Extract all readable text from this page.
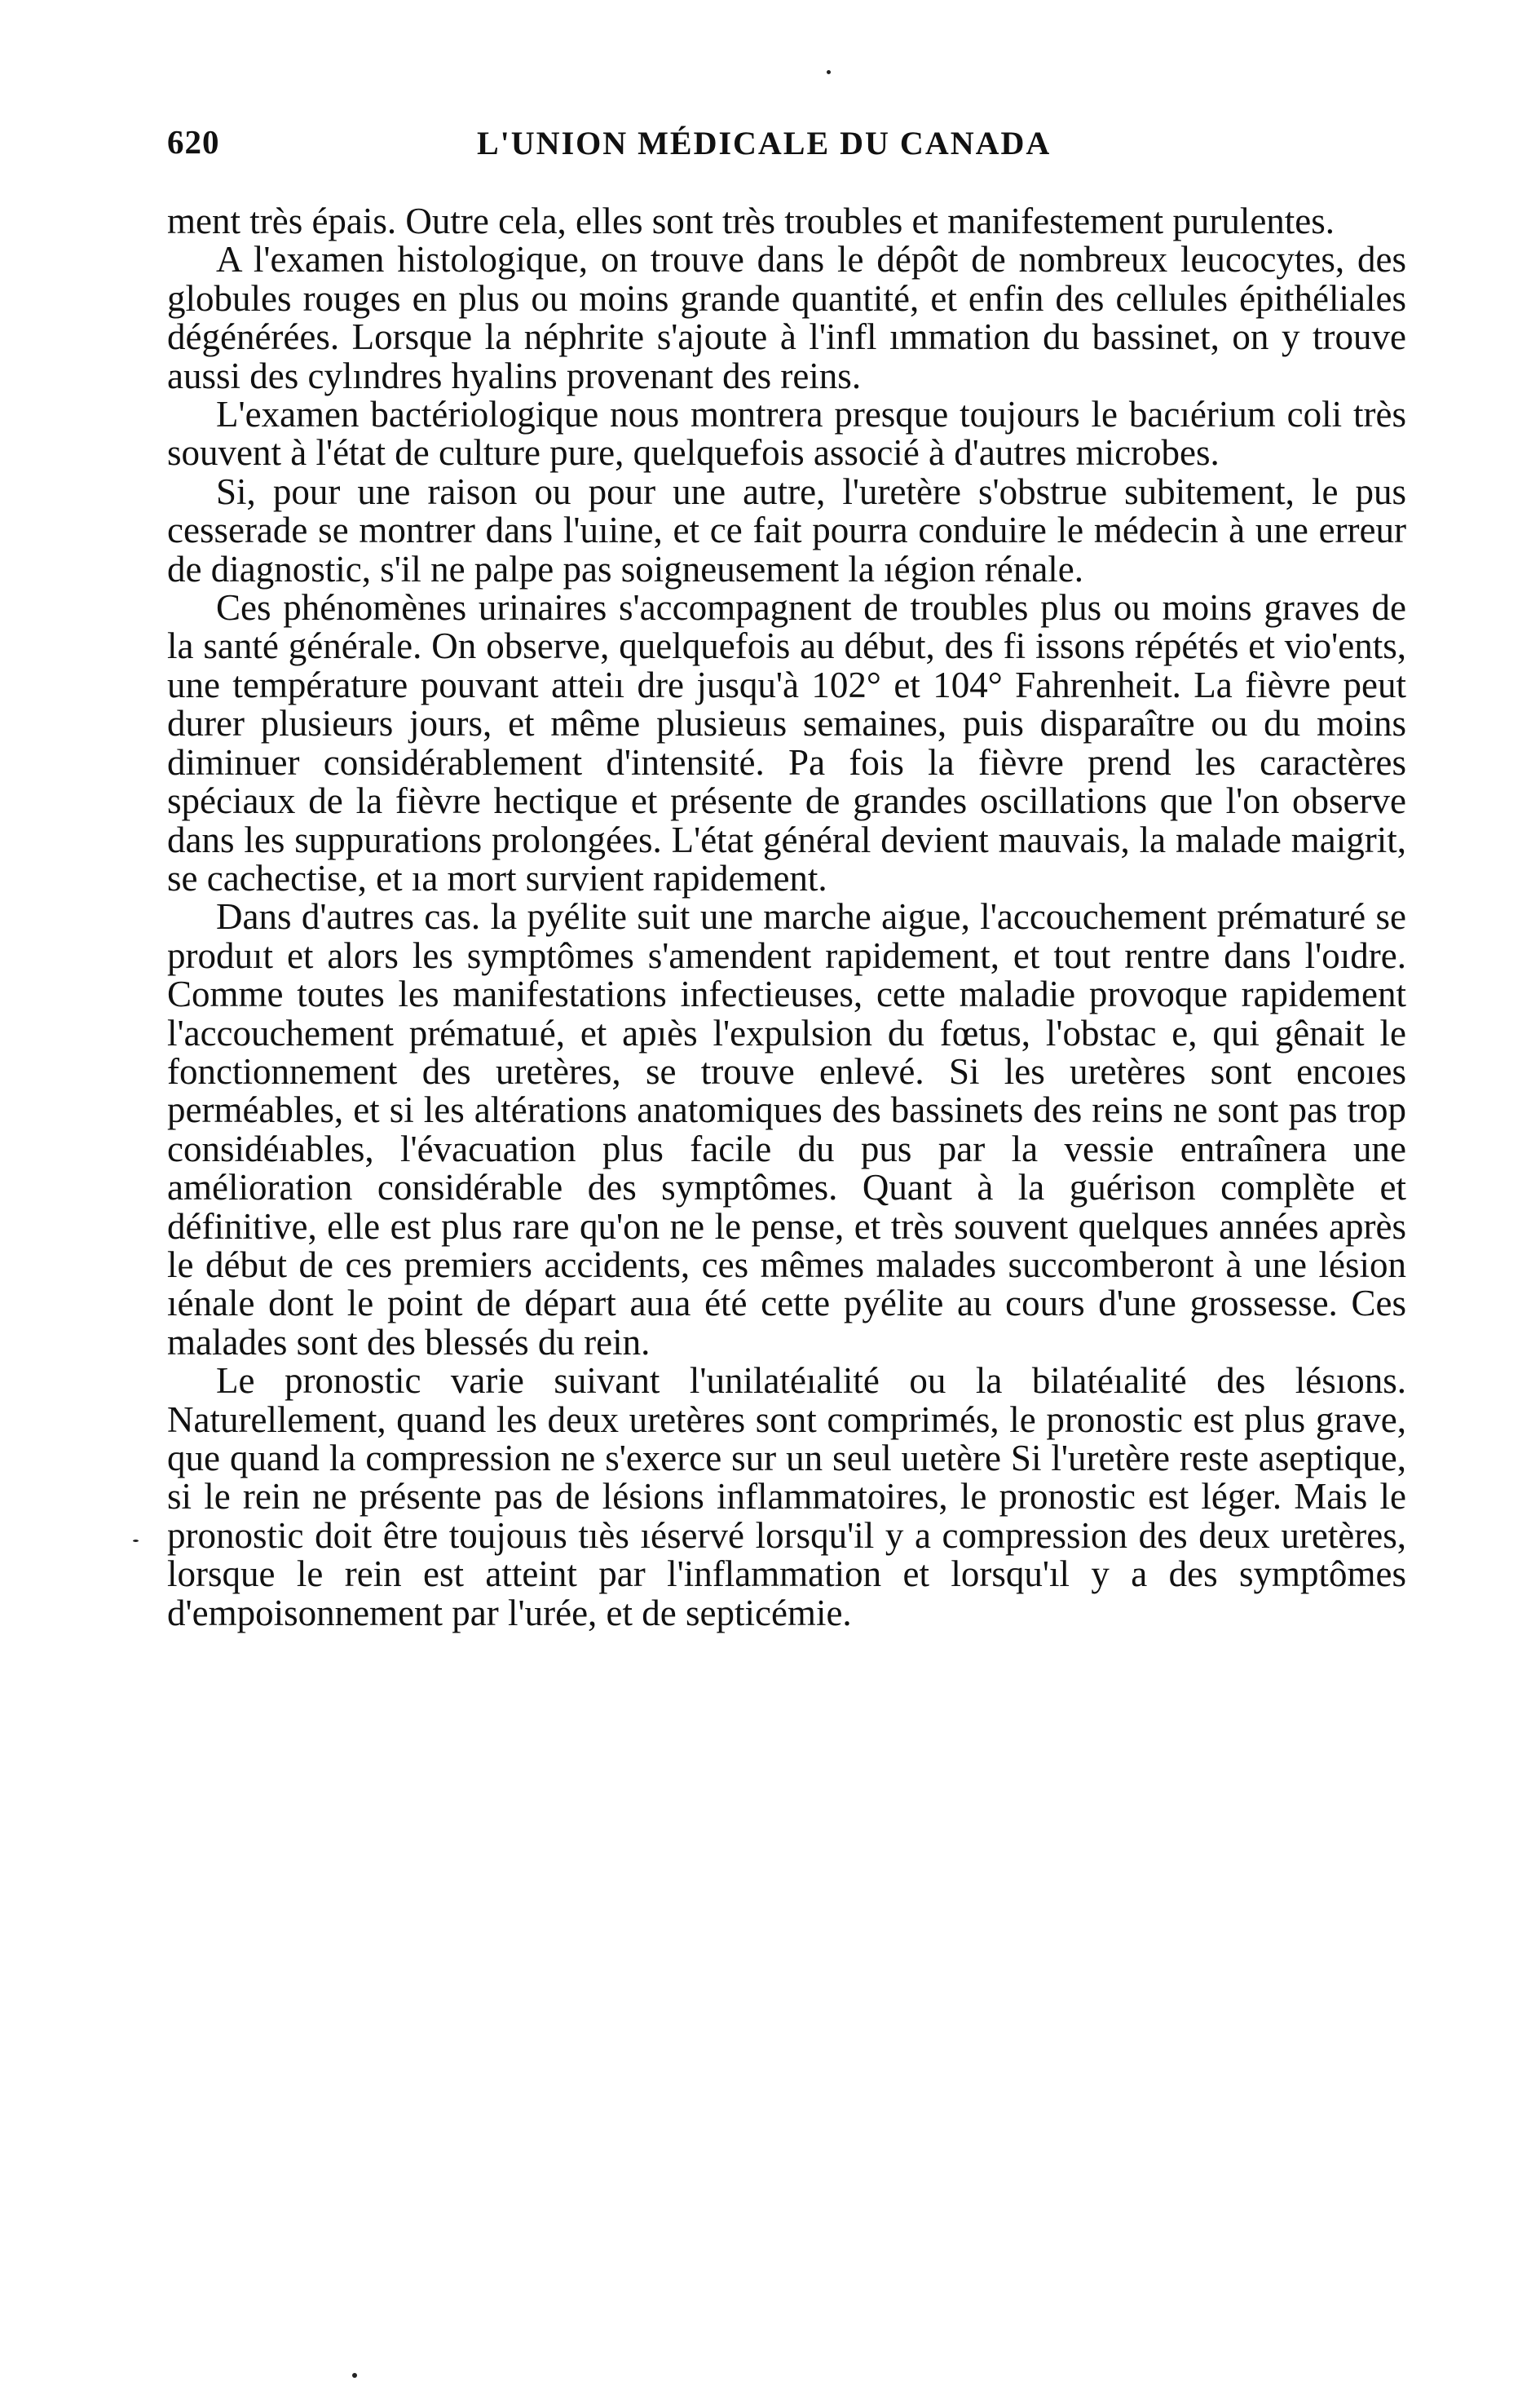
620	L'UNION MÉDICALE DU CANADA

ment très épais. Outre cela, elles sont très troubles et manifestement purulentes.

A l'examen histologique, on trouve dans le dépôt de nombreux leucocytes, des globules rouges en plus ou moins grande quantité, et enfin des cellules épithéliales dégénérées. Lorsque la néphrite s'ajoute à l'infl ımmation du bassinet, on y trouve aussi des cylındres hyalins provenant des reins.

L'examen bactériologique nous montrera presque toujours le bacıérium coli très souvent à l'état de culture pure, quelquefois associé à d'autres microbes.

Si, pour une raison ou pour une autre, l'uretère s'obstrue subitement, le pus cesserade se montrer dans l'uıine, et ce fait pourra conduire le médecin à une erreur de diagnostic, s'il ne palpe pas soigneusement la ıégion rénale.

Ces phénomènes urinaires s'accompagnent de troubles plus ou moins graves de la santé générale. On observe, quelquefois au début, des fi issons répétés et vio'ents, une température pouvant atteiı dre jusqu'à 102° et 104° Fahrenheit. La fièvre peut durer plusieurs jours, et même plusieuıs semaines, puis disparaître ou du moins diminuer considérablement d'intensité. Pa fois la fièvre prend les caractères spéciaux de la fièvre hectique et présente de grandes oscillations que l'on observe dans les suppurations prolongées. L'état général devient mauvais, la malade maigrit, se cachectise, et ıa mort survient rapidement.

Dans d'autres cas. la pyélite suit une marche aigue, l'accouchement prématuré se produıt et alors les symptômes s'amendent rapidement, et tout rentre dans l'oıdre. Comme toutes les manifestations infectieuses, cette maladie provoque rapidement l'accouchement prématuıé, et apıès l'expulsion du fœtus, l'obstac e, qui gênait le fonctionnement des uretères, se trouve enlevé. Si les uretères sont encoıes perméables, et si les altérations anatomiques des bassinets des reins ne sont pas trop considéıables, l'évacuation plus facile du pus par la vessie entraînera une amélioration considérable des symptômes. Quant à la guérison complète et définitive, elle est plus rare qu'on ne le pense, et très souvent quelques années après le début de ces premiers accidents, ces mêmes malades succomberont à une lésion ıénale dont le point de départ auıa été cette pyélite au cours d'une grossesse. Ces malades sont des blessés du rein.

Le pronostic varie suivant l'unilatéıalité ou la bilatéıalité des lésıons. Naturellement, quand les deux uretères sont comprimés, le pronostic est plus grave, que quand la compression ne s'exerce sur un seul uıetère Si l'uretère reste aseptique, si le rein ne présente pas de lésions inflammatoires, le pronostic est léger. Mais le pronostic doit être toujouıs tıès ıéservé lorsqu'il y a compression des deux uretères, lorsque le rein est atteint par l'inflammation et lorsqu'ıl y a des symptômes d'empoisonnement par l'urée, et de septicémie.
